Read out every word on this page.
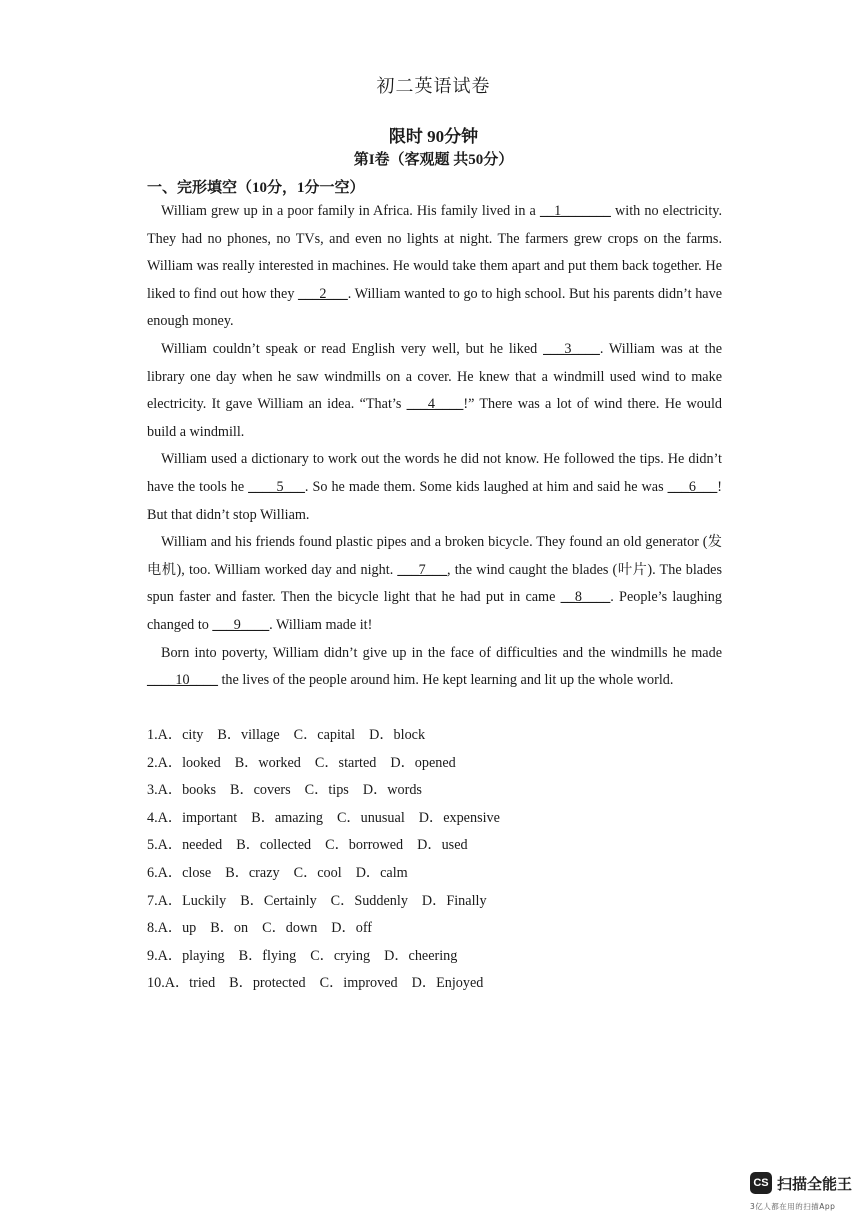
初二英语试卷
限时 90分钟
第I卷（客观题 共50分）
一、完形填空（10分，1分一空）

William grew up in a poor family in Africa. His family lived in a __1_______ with no electricity. They had no phones, no TVs, and even no lights at night. The farmers grew crops on the farms. William was really interested in machines. He would take them apart and put them back together. He liked to find out how they ___2___. William wanted to go to high school. But his parents didn’t have enough money.

William couldn’t speak or read English very well, but he liked ___3____. William was at the library one day when he saw windmills on a cover. He knew that a windmill used wind to make electricity. It gave William an idea. “That’s ___4____!” There was a lot of wind there. He would build a windmill.

William used a dictionary to work out the words he did not know. He followed the tips. He didn’t have the tools he ____5___. So he made them. Some kids laughed at him and said he was ___6___! But that didn’t stop William.

William and his friends found plastic pipes and a broken bicycle. They found an old generator (发电机), too. William worked day and night. ___7___, the wind caught the blades (叶片). The blades spun faster and faster. Then the bicycle light that he had put in came __8____. People’s laughing changed to ___9____. William made it!

Born into poverty, William didn’t give up in the face of difficulties and the windmills he made ____10____ the lives of the people around him. He kept learning and lit up the whole world.

1.A．city B．village C．capital D．block
2.A．looked B．worked C．started D．opened
3.A．books B．covers C．tips D．words
4.A．important B．amazing C．unusual D．expensive
5.A．needed B．collected C．borrowed D．used
6.A．close B．crazy C．cool D．calm
7.A．Luckily B．Certainly C．Suddenly D．Finally
8.A．up B．on C．down D．off
9.A．playing B．flying C．crying D．cheering
10.A．tried B．protected C．improved D．Enjoyed
CS 扫描全能王
3亿人都在用的扫描App
